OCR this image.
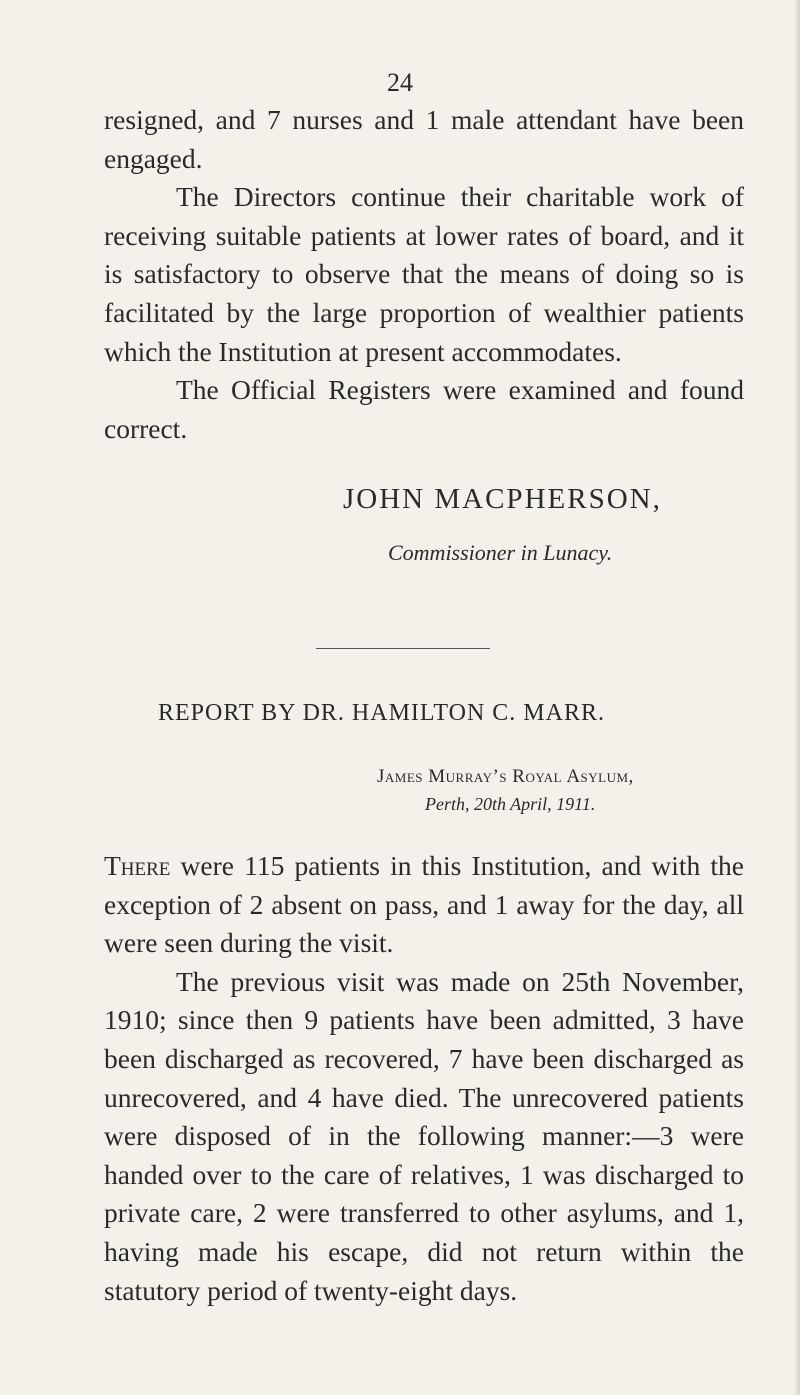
24

resigned, and 7 nurses and 1 male attendant have been engaged.

The Directors continue their charitable work of receiving suitable patients at lower rates of board, and it is satisfactory to observe that the means of doing so is facilitated by the large proportion of wealthier patients which the Institution at present accommodates.

The Official Registers were examined and found correct.

JOHN MACPHERSON,
Commissioner in Lunacy.
REPORT BY DR. HAMILTON C. MARR.
James Murray’s Royal Asylum,
Perth, 20th April, 1911.

There were 115 patients in this Institution, and with the exception of 2 absent on pass, and 1 away for the day, all were seen during the visit.

The previous visit was made on 25th November, 1910; since then 9 patients have been admitted, 3 have been discharged as recovered, 7 have been discharged as unrecovered, and 4 have died. The unrecovered patients were disposed of in the following manner:—3 were handed over to the care of relatives, 1 was discharged to private care, 2 were transferred to other asylums, and 1, having made his escape, did not return within the statutory period of twenty-eight days.
